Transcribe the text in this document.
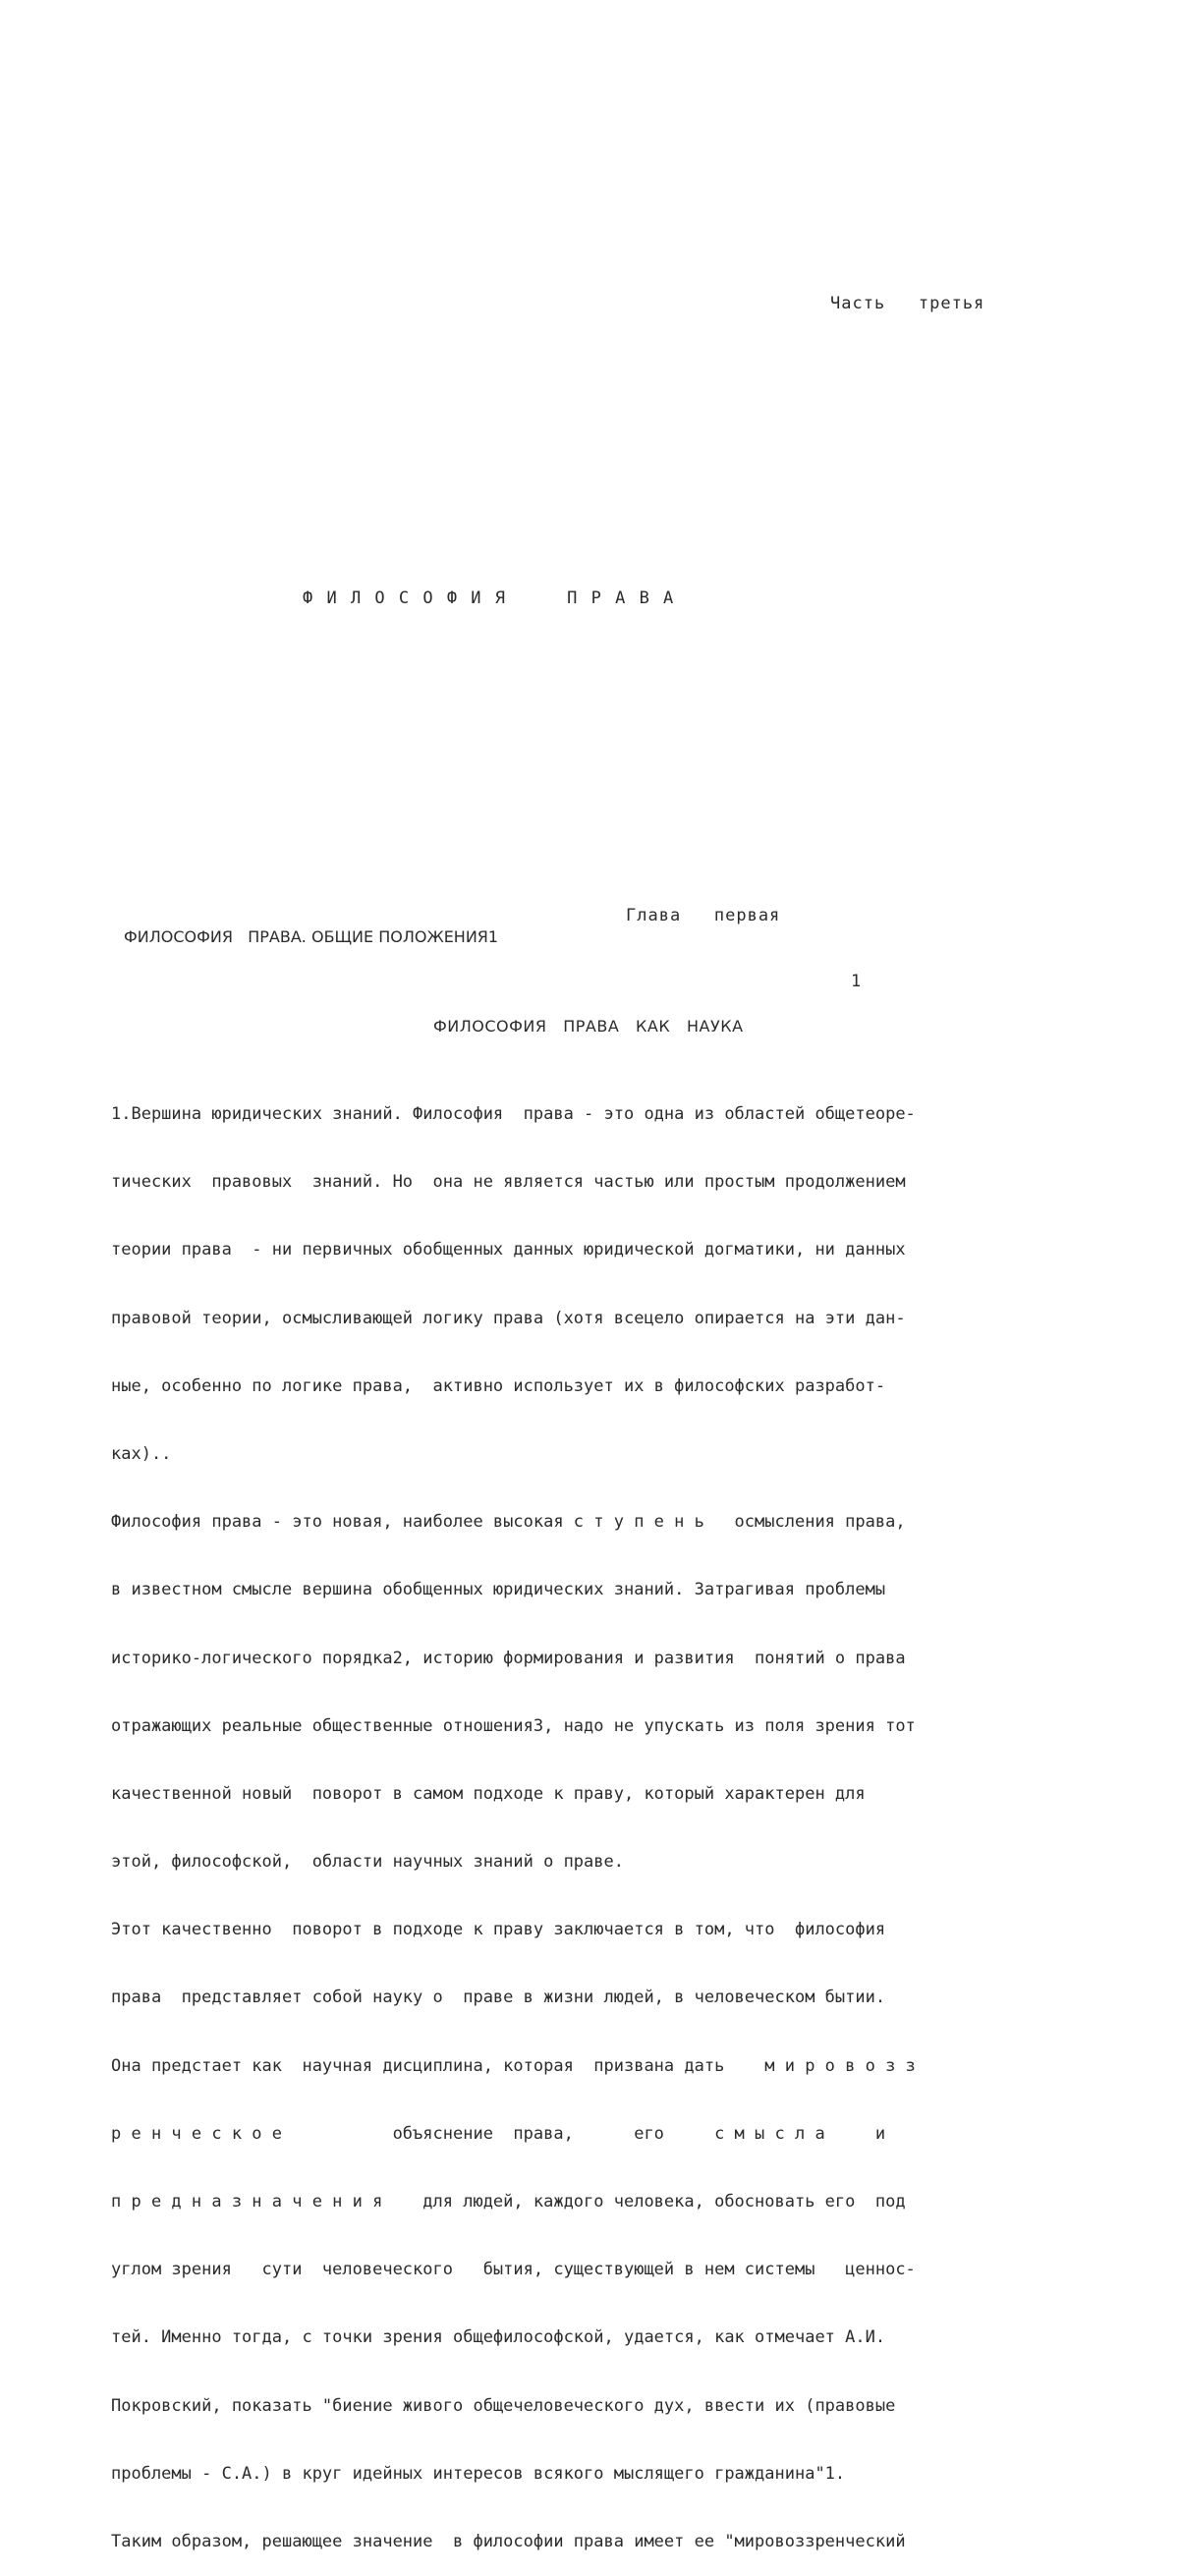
Часть   третья
Ф И Л О С О Ф И Я     П Р А В А
Глава   первая
ФИЛОСОФИЯ   ПРАВА. ОБЩИЕ ПОЛОЖЕНИЯ1
1
ФИЛОСОФИЯ   ПРАВА   КАК   НАУКА

1.Вершина юридических знаний. Философия  права - это одна из областей общетеоре-

тических  правовых  знаний. Но  она не является частью или простым продолжением

теории права  - ни первичных обобщенных данных юридической догматики, ни данных

правовой теории, осмысливающей логику права (хотя всецело опирается на эти дан-

ные, особенно по логике права,  активно использует их в философских разработ-

ках)..

Философия права - это новая, наиболее высокая с т у п е н ь   осмысления права,

в известном смысле вершина обобщенных юридических знаний. Затрагивая проблемы

историко-логического порядка2, историю формирования и развития  понятий о права

отражающих реальные общественные отношения3, надо не упускать из поля зрения тот

качественной новый  поворот в самом подходе к праву, который характерен для

этой, философской,  области научных знаний о праве.

Этот качественно  поворот в подходе к праву заключается в том, что  философия

права  представляет собой науку о  праве в жизни людей, в человеческом бытии.

Она предстает как  научная дисциплина, которая  призвана дать    м и р о в о з з

р е н ч е с к о е           объяснение  права,      его     с м ы с л а     и

п р е д н а з н а ч е н и я    для людей, каждого человека, обосновать его  под

углом зрения   сути  человеческого   бытия, существующей в нем системы   ценнос-

тей. Именно тогда, с точки зрения общефилософской, удается, как отмечает А.И.

Покровский, показать "биение живого общечеловеческого дух, ввести их (правовые

проблемы - С.А.) в круг идейных интересов всякого мыслящего гражданина"1.

Таким образом, решающее значение  в философии права имеет ее "мировоззренческий
